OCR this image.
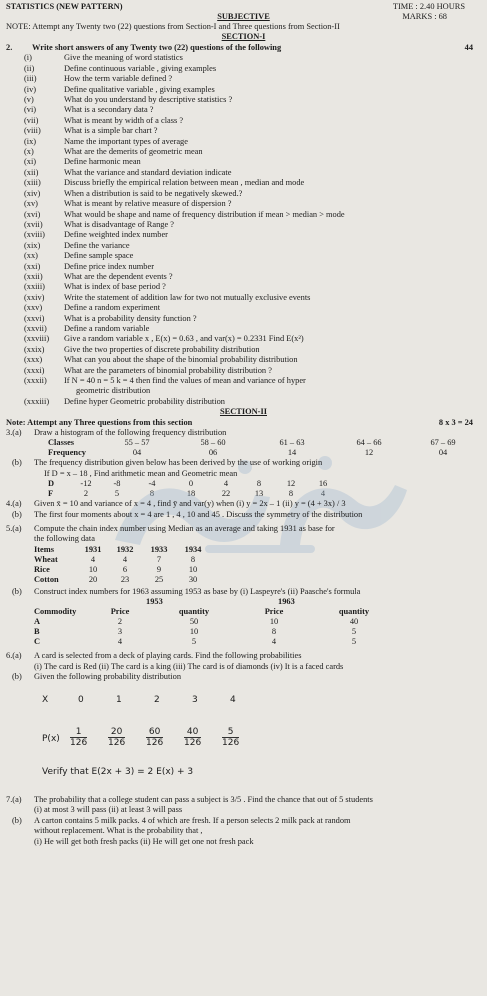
STATISTICS (NEW PATTERN)	TIME : 2.40 HOURS
SUBJECTIVE	MARKS : 68
NOTE: Attempt any Twenty two (22) questions from Section-I and Three questions from Section-II
SECTION-I
2. Write short answers of any Twenty two (22) questions of the following	44
(i)	Give the meaning of word statistics
(ii)	Define continuous variable , giving examples
(iii)	How the term variable defined ?
(iv)	Define qualitative variable , giving examples
(v)	What do you understand by descriptive statistics ?
(vi)	What is a secondary data ?
(vii)	What is meant by width of a class ?
(viii)	What is a simple bar chart ?
(ix)	Name the important types of average
(x)	What are the demerits of geometric mean
(xi)	Define harmonic mean
(xii)	What the variance and standard deviation indicate
(xiii)	Discuss briefly the empirical relation between mean , median and mode
(xiv)	When a distribution is said to be negatively skewed.?
(xv)	What is meant by relative measure of dispersion ?
(xvi)	What would be shape and name of frequency distribution if mean > median > mode
(xvii)	What is disadvantage of Range ?
(xviii) Define weighted index number
(xix)	Define the variance
(xx)	Define sample space
(xxi)	Define price index number
(xxii)	What are the dependent events ?
(xxiii) What is index of base period ?
(xxiv) Write the statement of addition law for two not mutually exclusive events
(xxv)	Define a random experiment
(xxvi) What is a probability density function ?
(xxvii) Define a random variable
(xxviii) Give a random variable x , E(x) = 0.63 , and var(x) = 0.2331 Find E(x²)
(xxix) Give the two properties of discrete probability distribution
(xxx)	What can you about the shape of the binomial probability distribution
(xxxi) What are the parameters of binomial probability distribution ?
(xxxii) If N = 40 n = 5 k = 4 then find the values of mean and variance of hyper
geometric distribution
(xxxiii) Define hyper Geometric probability distribution
SECTION-II
Note: Attempt any Three questions from this section	8 x 3 = 24
3.(a) Draw a histogram of the following frequency distribution
Classes	55 – 57	58 – 60	61 – 63	64 – 66	67 – 69
Frequency	04	06	14	12	04
(b) The frequency distribution given below has been derived by the use of working origin
If D = x – 18 , Find arithmetic mean and Geometric mean
D	-12	-8	-4	0	4	8	12	16
F	2	5	8	18	22	13	8	4
4.(a) Given x̄ = 10 and variance of x = 4 , find ȳ and var(y) when (i) y = 2x – 1 (ii) y = (4 + 3x) / 3
(b) The first four moments about x = 4 are 1 , 4 , 10 and 45 . Discuss the symmetry of the distribution
5.(a) Compute the chain index number using Median as an average and taking 1931 as base for
the following data
Items	1931	1932	1933	1934
Wheat	4	4	7	8
Rice	10	6	9	10
Cotton	20	23	25	30
(b) Construct index numbers for 1963 assuming 1953 as base by (i) Laspeyre's (ii) Paasche's formula
1953	1963
Commodity	Price	quantity	Price	quantity
A	2	50	10	40
B	3	10	8	5
C	4	5	4	5
6.(a) A card is selected from a deck of playing cards. Find the following probabilities
(i) The card is Red (ii) The card is a king (iii) The card is of diamonds (iv) It is a faced cards
(b) Given the following probability distribution
X	0	1	2	3	4
$P(x) \frac{1}{126} \frac{20}{126} \frac{60}{126} \frac{40}{126} \frac{5}{126}$
Verify that E(2x + 3) = 2 E(x) + 3
7.(a) The probability that a college student can pass a subject is 3/5 . Find the chance that out of 5 students
(i) at most 3 will pass (ii) at least 3 will pass
(b) A carton contains 5 milk packs. 4 of which are fresh. If a person selects 2 milk pack at random
without replacement. What is the probability that ,
(i) He will get both fresh packs (ii) He will get one not fresh pack
